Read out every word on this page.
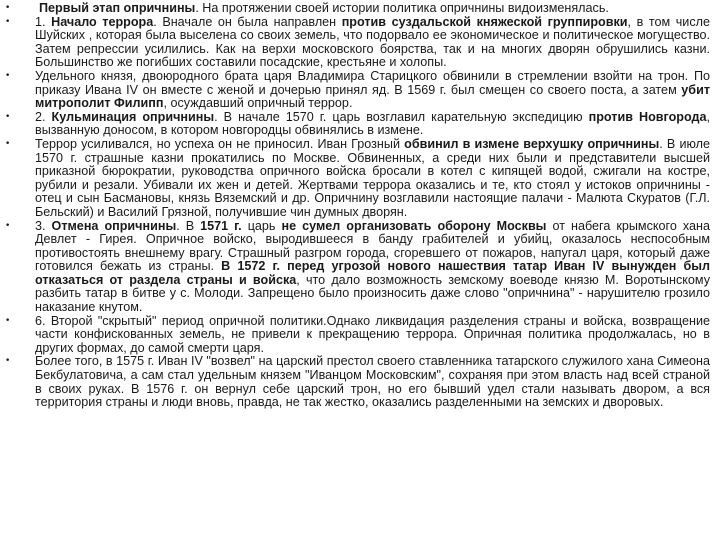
•	Первый этап опричнины. На протяжении своей истории политика опричнины видоизменялась.
•
	1. Начало террора. Вначале он была направлен против суздальской княжеской группировки, в том числе Шуйских , которая была выселена со своих земель, что подорвало ее экономическое и политическое могущество. Затем репрессии усилились. Как на верхи московского боярства, так и на многих дворян обрушились казни. Большинство же погибших составили посадские, крестьяне и холопы.
•	Удельного князя, двоюродного брата царя Владимира Старицкого обвинили в стремлении взойти на трон. По приказу Ивана IV он вместе с женой и дочерью принял яд. В 1569 г. был смещен со своего поста, а затем убит митрополит Филипп, осуждавший опричный террор.
•	2. Кульминация опричнины. В начале 1570 г. царь возглавил карательную экспедицию против Новгорода, вызванную доносом, в котором новгородцы обвинялись в измене.
•	Террор усиливался, но успеха он не приносил. Иван Грозный обвинил в измене верхушку опричнины. В июле 1570 г. страшные казни прокатились по Москве. Обвиненных, а среди них были и представители высшей приказной бюрократии, руководства опричного войска бросали в котел с кипящей водой, сжигали на костре, рубили и резали. Убивали их жен и детей. Жертвами террора оказались и те, кто стоял у истоков опричнины - отец и сын Басмановы, князь Вяземский и др. Опричнину возглавили настоящие палачи - Малюта Скуратов (Г.Л. Бельский) и Василий Грязной, получившие чин думных дворян.
•	3. Отмена опричнины. В 1571 г. царь не сумел организовать оборону Москвы от набега крымского хана Девлет - Гирея. Опричное войско, выродившееся в банду грабителей и убийц, оказалось неспособным противостоять внешнему врагу. Страшный разгром города, сгоревшего от пожаров, напугал царя, который даже готовился бежать из страны. В 1572 г. перед угрозой нового нашествия татар Иван IV вынужден был отказаться от раздела страны и войска, что дало возможность земскому воеводе князю М. Воротынскому разбить татар в битве у с. Молоди. Запрещено было произносить даже слово "опричнина" - нарушителю грозило наказание кнутом.
•	6. Второй "скрытый" период опричной политики.Однако ликвидация разделения страны и войска, возвращение части конфискованных земель, не привели к прекращению террора. Опричная политика продолжалась, но в других формах, до самой смерти царя.
•	Более того, в 1575 г. Иван IV "возвел" на царский престол своего ставленника татарского служилого хана Симеона Бекбулатовича, а сам стал удельным князем "Иванцом Московским", сохраняя при этом власть над всей страной в своих руках. В 1576 г. он вернул себе царский трон, но его бывший удел стали называть двором, а вся территория страны и люди вновь, правда, не так жестко, оказались разделенными на земских и дворовых.
